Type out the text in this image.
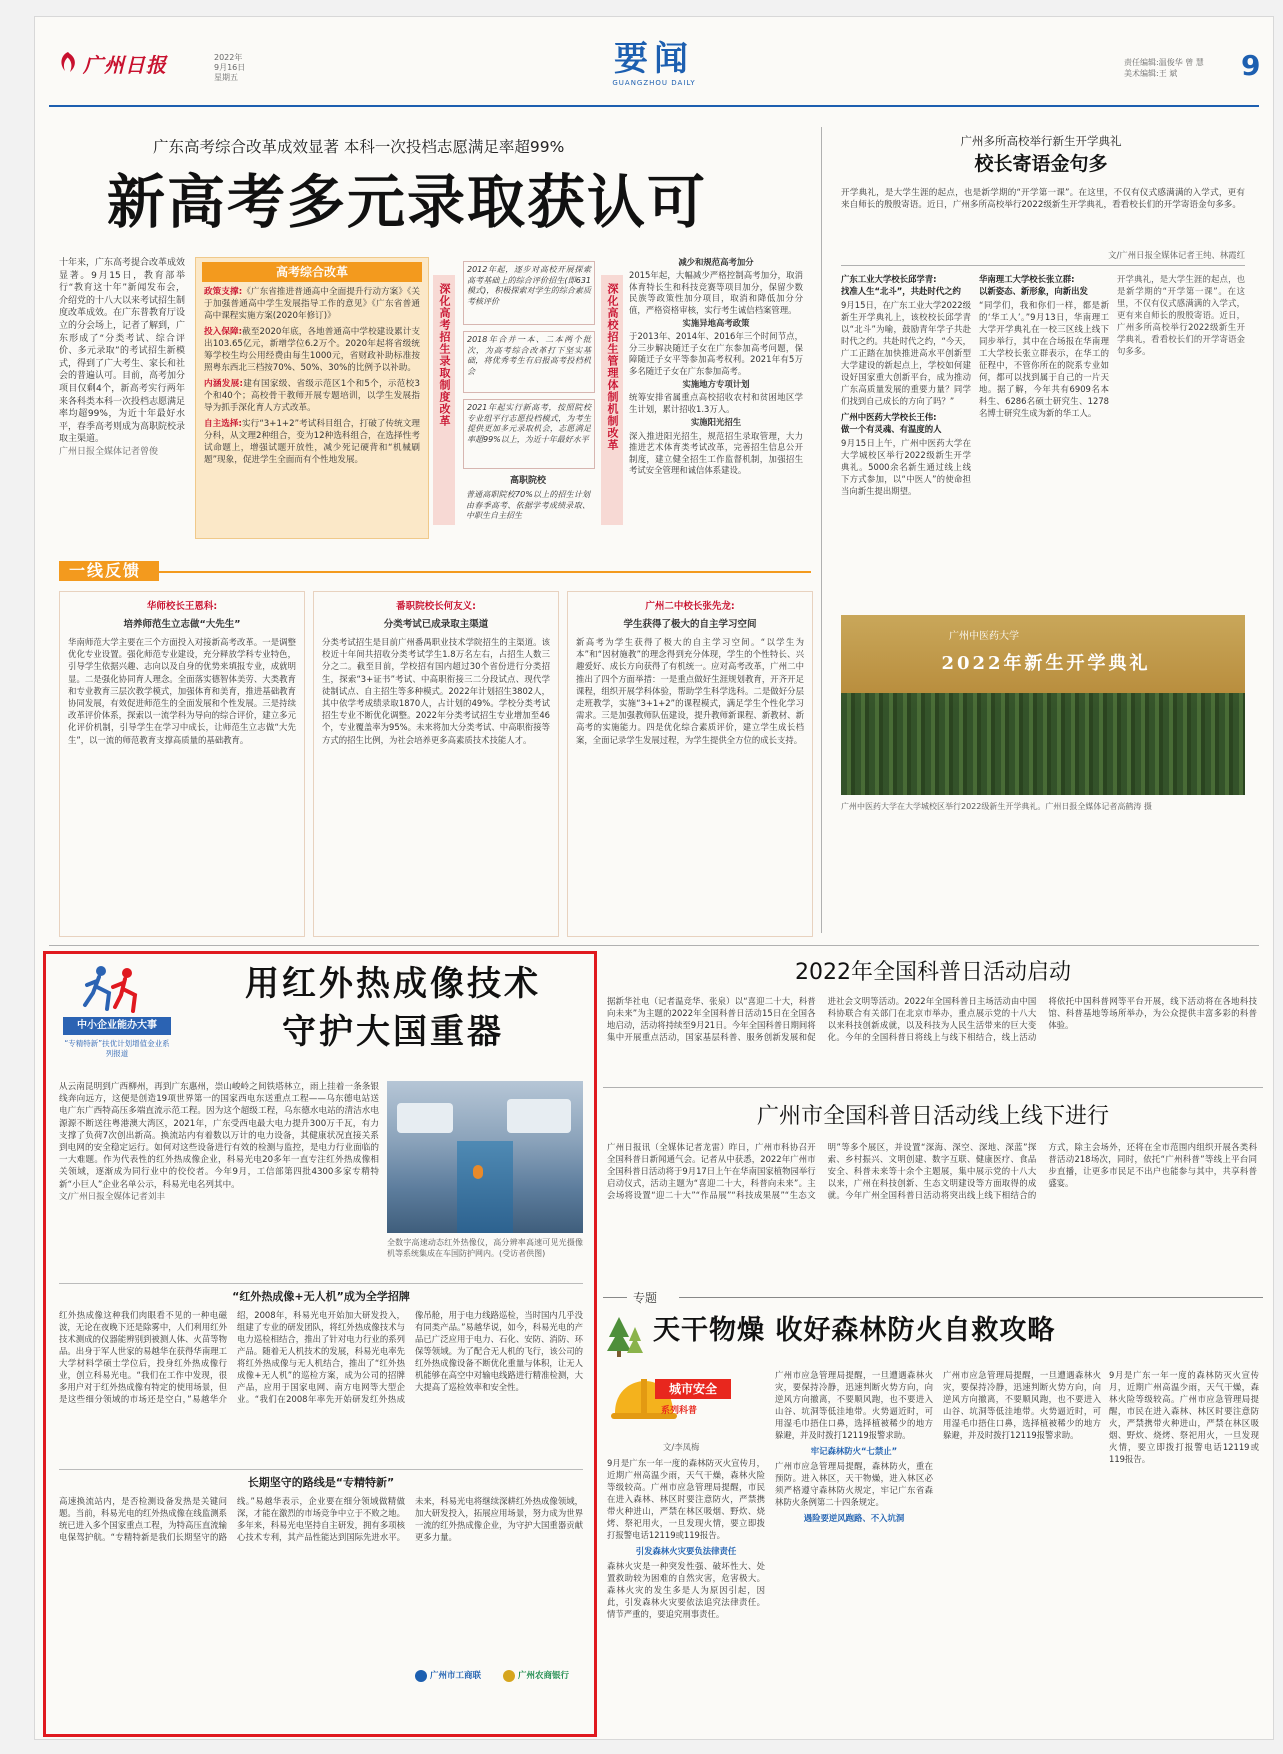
广州日报	2022年
9月16日
星期五	要闻
GUANGZHOU DAILY
责任编辑:温俊华 曾 慧
美术编辑:王 斌	9
广东高考综合改革成效显著 本科一次投档志愿满足率超99%
新高考多元录取获认可

十年来，广东高考提合改革成效显著。9月15日，教育部举行“教育这十年”新闻发布会，介绍党的十八大以来考试招生制度改革成效。在广东普教育厅设立的分会场上，记者了解到，广东形成了“分类考试、综合评价、多元录取”的考试招生新模式，得到了广大考生、家长和社会的普遍认可。目前，高考加分项目仅剩4个，新高考实行两年来各科类本科一次投档志愿满足率均超99%，为近十年最好水平，春季高考则成为高职院校录取主渠道。
广州日报全媒体记者曾俊

高考综合改革

政策支撑:《广东省推进普通高中全面提升行动方案》《关于加强普通高中学生发展指导工作的意见》《广东省普通高中课程实施方案(2020年修订)》

投入保障:截至2020年底，各地普通高中学校建设累计支出103.65亿元，新增学位6.2万个。2020年起将省级统筹学校生均公用经费由每生1000元，省财政补助标准按照粤东西北三档按70%、50%、30%的比例予以补助。

内涵发展:建有国家级、省级示范区1个和5个，示范校3个和40个；高校骨干教师开展专题培训，以学生发展指导为抓手深化育人方式改革。

自主选择:实行“3+1+2”考试科目组合，打破了传统文理分科，从文理2种组合，变为12种选科组合，在选择性考试命题上，增强试题开放性，减少死记硬背和“机械刷题”现象，促进学生全面而有个性地发展。

深化高考招生录取制度改革
2012年起，逐步对高校开展探索高考基础上的综合评价招生(即631模式)，积极探索对学生的综合素质考核评价
2018年合并一本、二本两个批次，为高考综合改革打下坚实基础，将优秀考生有启报高考投档机会
2021年起实行新高考，按照院校专业组平行志愿投档模式，为考生提供更加多元录取机会，志愿满足率超99%以上，为近十年最好水平
高职院校
普通高职院校70%以上的招生计划由春季高考、依据学考成绩录取、中职生自主招生
深化高校招生管理体制机制改革
减少和规范高考加分

2015年起，大幅减少严格控制高考加分，取消体育特长生和科技竞赛等项目加分，保留少数民族等政策性加分项目，取消和降低加分分值，严格资格审核，实行考生诚信档案管理。

实施异地高考政策

于2013年、2014年、2016年三个时间节点，分三步解决随迁子女在广东参加高考问题，保障随迁子女平等参加高考权利。2021年有5万多名随迁子女在广东参加高考。

实施地方专项计划

统筹安排省属重点高校招收农村和贫困地区学生计划，累计招收1.3万人。

实施阳光招生

深入推进阳光招生，规范招生录取管理，大力推进艺术体育类考试改革，完善招生信息公开制度，建立健全招生工作监督机制，加强招生考试安全管理和诚信体系建设。

广州多所高校举行新生开学典礼
校长寄语金句多

开学典礼，是大学生涯的起点，也是新学期的“开学第一课”。在这里，不仅有仪式感满满的入学式，更有来自师长的殷殷寄语。近日，广州多所高校举行2022级新生开学典礼，看看校长们的开学寄语金句多多。

文/广州日报全媒体记者王纯、林霞红
广东工业大学校长邱学青:
找准人生“北斗”，共赴时代之约

9月15日，在广东工业大学2022级新生开学典礼上，该校校长邱学青以“北斗”为喻，鼓励青年学子共赴时代之约。共赴时代之约，“今天，广工正踏在加快推进高水平创新型大学建设的新起点上，学校如何建设好国家重大创新平台，成为推动广东高质量发展的重要力量？同学们找到自己成长的方向了吗？”

广州中医药大学校长王伟:
做一个有灵魂、有温度的人

9月15日上午，广州中医药大学在大学城校区举行2022级新生开学典礼。5000余名新生通过线上线下方式参加，以“中医人”的使命担当向新生提出期望。

华南理工大学校长张立群:
以新姿态、新形象，向新出发

“同学们，我和你们一样，都是新的‘华工人’。”9月13日，华南理工大学开学典礼在一校三区线上线下同步举行，其中在合场报在华南理工大学校长张立群表示，在华工的征程中，不管你所在的院系专业如何，都可以找到属于自己的一片天地。据了解，今年共有6909名本科生、6286名硕士研究生、1278名博士研究生成为新的华工人。

开学典礼，是大学生涯的起点，也是新学期的“开学第一课”。在这里，不仅有仪式感满满的入学式，更有来自师长的殷殷寄语。近日，广州多所高校举行2022级新生开学典礼，看看校长们的开学寄语金句多多。
广州中医药大学
2022年新生开学典礼
广州中医药大学在大学城校区举行2022级新生开学典礼。广州日报全媒体记者高鹤涛 摄
一线反馈
华师校长王恩科:
培养师范生立志做“大先生”

华南师范大学主要在三个方面投入对接新高考改革。一是调整优化专业设置。强化师范专业建设，充分释放学科专业特色，引导学生依据兴趣、志向以及自身的优势来填报专业，成就明显。二是强化协同育人理念。全面落实德智体美劳、大类教育和专业教育三层次教学模式，加强体育和美育，推进基础教育协同发展，有效促进师范生的全面发展和个性发展。三是持续改革评价体系，探索以一流学科为导向的综合评价，建立多元化评价机制，引导学生在学习中成长，让师范生立志做“大先生”，以一流的师范教育支撑高质量的基础教育。

番职院校长何友义:
分类考试已成录取主渠道

分类考试招生是目前广州番禺职业技术学院招生的主渠道。该校近十年间共招收分类考试学生1.8万名左右，占招生人数三分之二。截至目前，学校招有国内超过30个省份进行分类招生，探索“3+证书”考试、中高职衔接三二分段试点、现代学徒制试点、自主招生等多种模式。2022年计划招生3802人，其中依学考成绩录取1870人，占计划的49%。学校分类考试招生专业不断优化调整。2022年分类考试招生专业增加至46个，专业覆盖率为95%。未来将加大分类考试、中高职衔接等方式的招生比例，为社会培养更多高素质技术技能人才。

广州二中校长张先龙:
学生获得了极大的自主学习空间

新高考为学生获得了极大的自主学习空间。“以学生为本”和“因材施教”的理念得到充分体现，学生的个性特长、兴趣爱好、成长方向获得了有机统一。应对高考改革，广州二中推出了四个方面举措：一是重点做好生涯规划教育，开齐开足课程，组织开展学科体验，帮助学生科学选科。二是做好分层走班教学，实施“3+1+2”的课程模式，满足学生个性化学习需求。三是加强教师队伍建设，提升教师新课程、新教材、新高考的实施能力。四是优化综合素质评价，建立学生成长档案，全面记录学生发展过程，为学生提供全方位的成长支持。

中小企业能办大事
“专精特新”扶优计划增值金业系列报道
用红外热成像技术
守护大国重器

从云南昆明到广西柳州，再到广东惠州，崇山峻岭之间铁塔林立，雨上挂着一条条银线奔向远方，这便是创造19项世界第一的国家西电东送重点工程——乌东德电站送电广东广西特高压多端直流示范工程。因为这个超级工程，乌东德水电站的清洁水电源源不断送往粤港澳大湾区，2021年，广东受西电最大电力提升300万千瓦，有力支撑了负荷7次创出新高。换流站内有着数以万计的电力设备，其健康状况直接关系到电网的安全稳定运行。如何对这些设备进行有效的检测与监控，是电力行业面临的一大难题。作为代表性的红外热成像企业，科易光电20多年一直专注红外热成像相关领域，逐渐成为同行业中的佼佼者。今年9月，工信部第四批4300多家专精特新“小巨人”企业名单公示，科易光电名列其中。
文/广州日报全媒体记者刘丰

全数字高速动态红外热像仪，高分辨率高速可见光摄像机等系统集成在车国防护网内。(受访者供图)
“红外热成像+无人机”成为全学招牌
红外热成像这种我们肉眼看不见的一种电磁波，无论在夜晚下还是除雾中，人们利用红外技术测成的仪器能辨别到被测人体、火苗等物品。出身于军人世家的易越华在获得华南理工大学材料学硕士学位后，投身红外热成像行业，创立科易光电。“我们在工作中发现，很多用户对于红外热成像有特定的使用场景，但是这些细分领域的市场还是空白，”易越华介绍，2008年，科易光电开始加大研发投入，组建了专业的研发团队，将红外热成像技术与电力巡检相结合，推出了针对电力行业的系列产品。随着无人机技术的发展，科易光电率先将红外热成像与无人机结合，推出了“红外热成像+无人机”的巡检方案，成为公司的招牌产品，应用于国家电网、南方电网等大型企业。“我们在2008年率先开始研发红外热成像吊舱，用于电力线路巡检，当时国内几乎没有同类产品。”易越华说，如今，科易光电的产品已广泛应用于电力、石化、安防、消防、环保等领域。为了配合无人机的飞行，该公司的红外热成像设备不断优化重量与体积，让无人机能够在高空中对输电线路进行精准检测，大大提高了巡检效率和安全性。
长期坚守的路线是“专精特新”
高速换流站内，是否检测设备发热是关键问题。当前，科易光电的红外热成像在线监测系统已进入多个国家重点工程，为特高压直流输电保驾护航。“专精特新是我们长期坚守的路线。”易越华表示，企业要在细分领域做精做深，才能在激烈的市场竞争中立于不败之地。多年来，科易光电坚持自主研发，拥有多项核心技术专利，其产品性能达到国际先进水平。未来，科易光电将继续深耕红外热成像领域，加大研发投入，拓展应用场景，努力成为世界一流的红外热成像企业，为守护大国重器贡献更多力量。
广州市工商联	广州农商银行
2022年全国科普日活动启动
据新华社电（记者温竞华、张泉）以“喜迎二十大，科普向未来”为主题的2022年全国科普日活动15日在全国各地启动，活动将持续至9月21日。今年全国科普日期间将集中开展重点活动，国家基层科普、服务创新发展和促进社会文明等活动。2022年全国科普日主场活动由中国科协联合有关部门在北京市举办，重点展示党的十八大以来科技创新成就，以及科技为人民生活带来的巨大变化。今年的全国科普日将线上与线下相结合，线上活动将依托中国科普网等平台开展，线下活动将在各地科技馆、科普基地等场所举办，为公众提供丰富多彩的科普体验。
广州市全国科普日活动线上线下进行
广州日报讯（全媒体记者龙雷）昨日，广州市科协召开全国科普日新闻通气会。记者从中获悉，2022年广州市全国科普日活动将于9月17日上午在华南国家植物园举行启动仪式，活动主题为“喜迎二十大，科普向未来”。主会场将设置“迎二十大”“作品展”“科技成果展”“生态文明”等多个展区，并设置“深海、深空、深地、深蓝”探索、乡村振兴、文明创建、数字互联、健康医疗、食品安全、科普未来等十余个主题展，集中展示党的十八大以来，广州在科技创新、生态文明建设等方面取得的成就。今年广州全国科普日活动将突出线上线下相结合的方式，除主会场外，还将在全市范围内组织开展各类科普活动218场次，同时，依托“广州科普”等线上平台同步直播，让更多市民足不出户也能参与其中，共享科普盛宴。
专题
天干物燥 收好森林防火自救攻略
城市安全
系列科普
文/李凤梅

9月是广东一年一度的森林防灭火宣传月，近期广州高温少雨，天气干燥，森林火险等级较高。广州市应急管理局提醒，市民在进入森林、林区时要注意防火，严禁携带火种进山，严禁在林区吸烟、野炊、烧烤、祭祀用火，一旦发现火情，要立即拨打报警电话12119或119报告。

引发森林火灾要负法律责任

森林火灾是一种突发性强、破坏性大、处置救助较为困难的自然灾害，危害极大。森林火灾的发生多是人为原因引起，因此，引发森林火灾要依法追究法律责任。情节严重的，要追究刑事责任。

广州市应急管理局提醒，一旦遭遇森林火灾，要保持冷静，迅速判断火势方向，向逆风方向撤离，不要顺风跑，也不要进入山谷、坑洞等低洼地带。火势逼近时，可用湿毛巾捂住口鼻，选择植被稀少的地方躲避，并及时拨打12119报警求助。

牢记森林防火“七禁止”

广州市应急管理局提醒，森林防火，重在预防。进入林区，天干物燥，进入林区必须严格遵守森林防火规定，牢记广东省森林防火条例第二十四条规定。

遇险要逆风跑路、不入坑洞

广州市应急管理局提醒，一旦遭遇森林火灾，要保持冷静，迅速判断火势方向，向逆风方向撤离，不要顺风跑，也不要进入山谷、坑洞等低洼地带。火势逼近时，可用湿毛巾捂住口鼻，选择植被稀少的地方躲避，并及时拨打12119报警求助。

9月是广东一年一度的森林防灭火宣传月，近期广州高温少雨，天气干燥，森林火险等级较高。广州市应急管理局提醒，市民在进入森林、林区时要注意防火，严禁携带火种进山，严禁在林区吸烟、野炊、烧烤、祭祀用火，一旦发现火情，要立即拨打报警电话12119或119报告。
